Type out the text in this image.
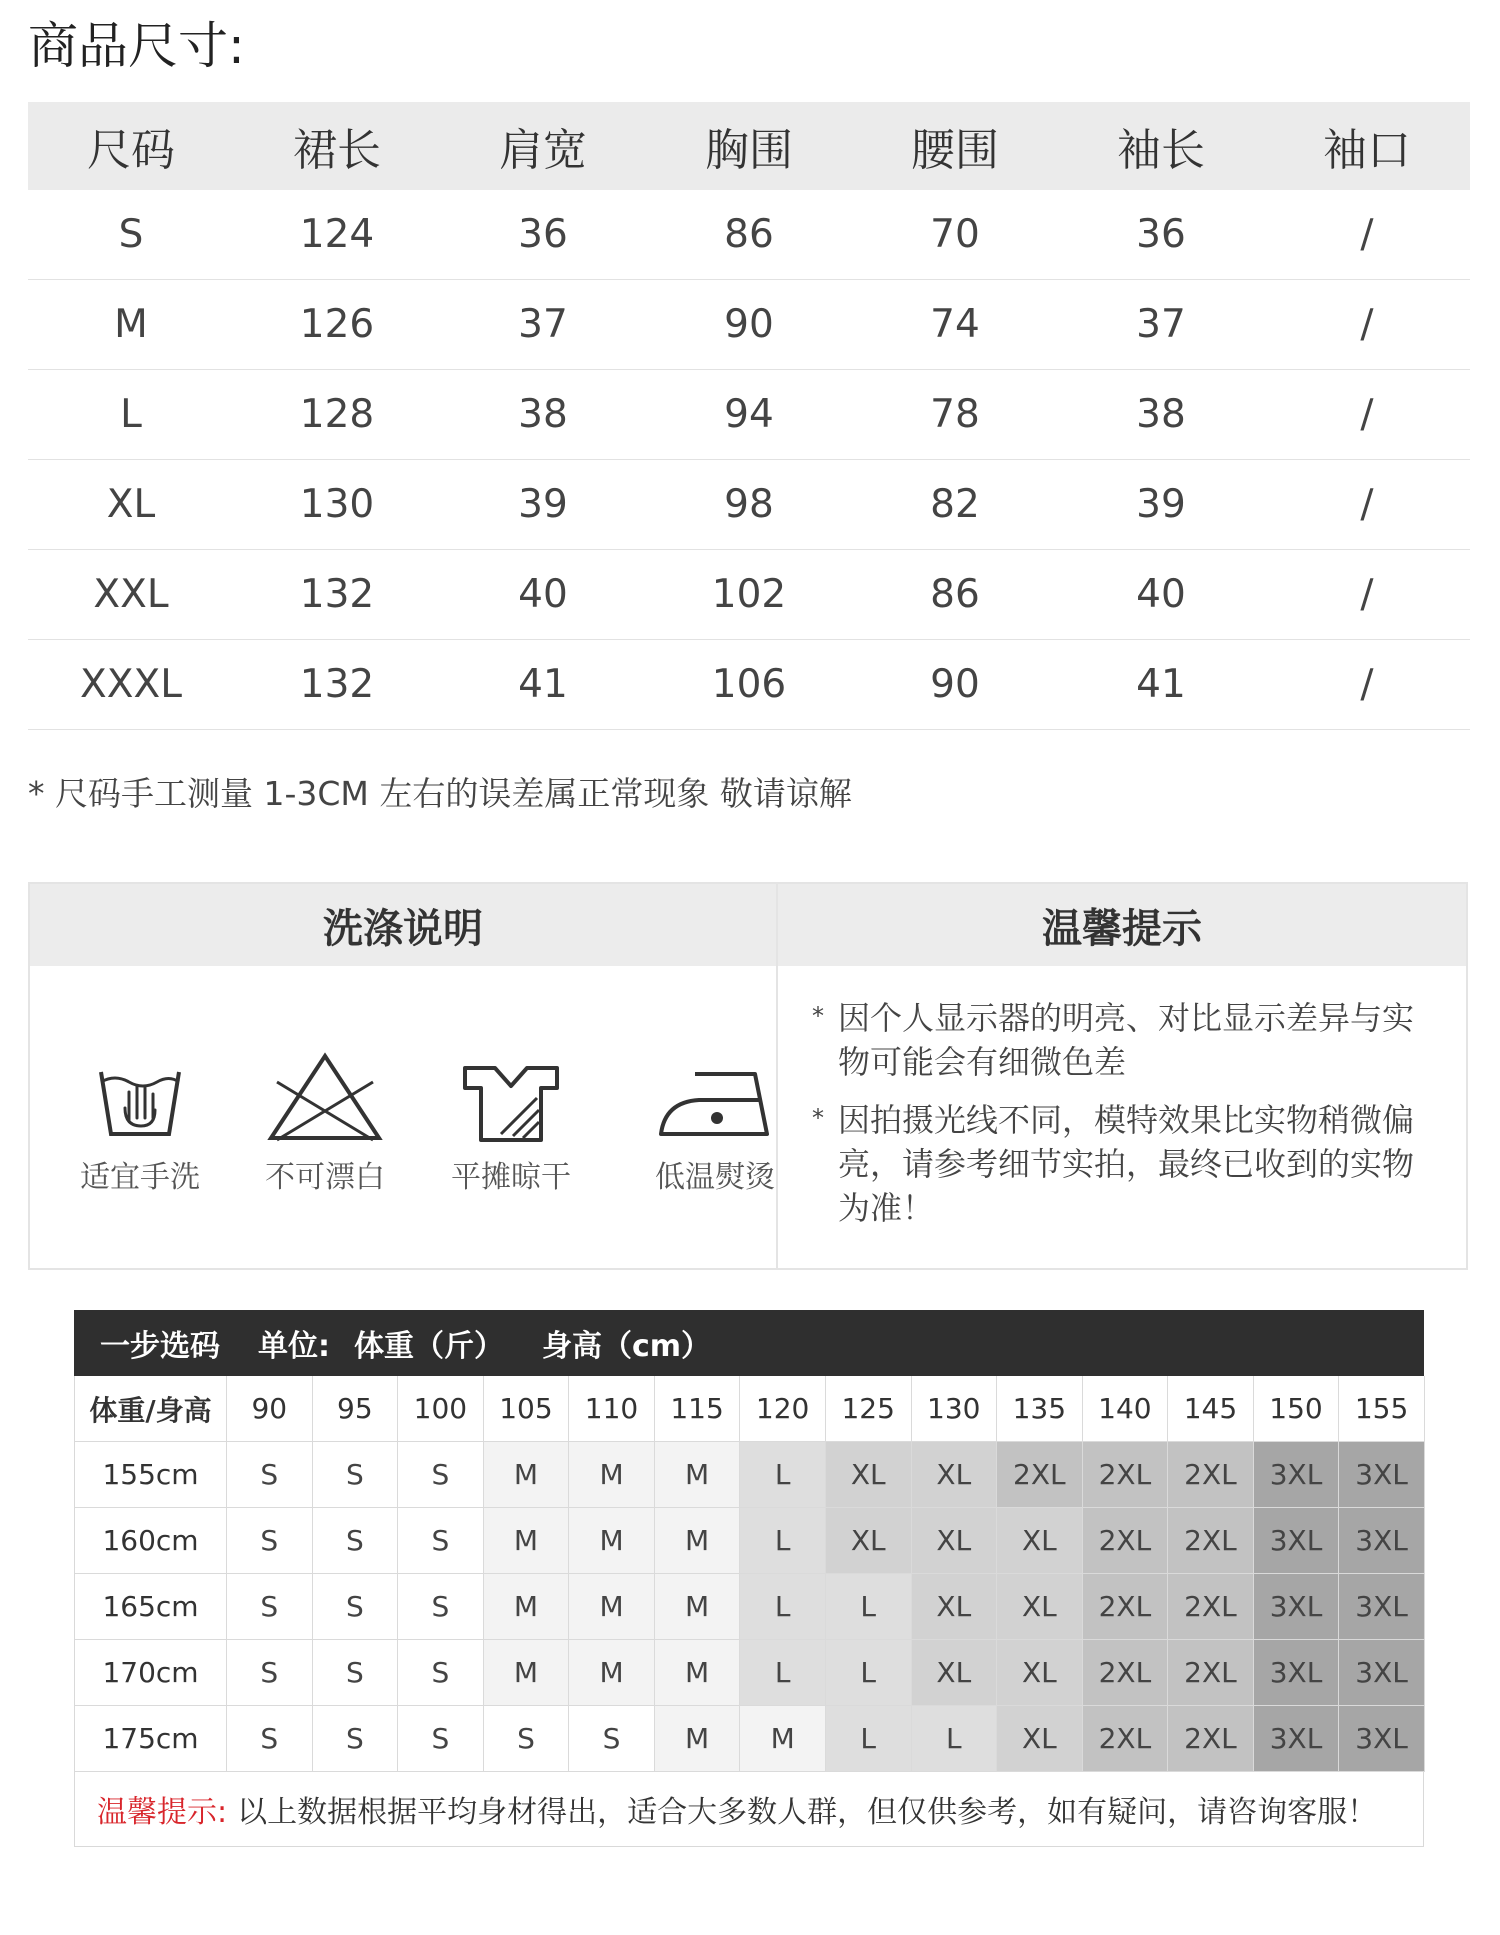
商品尺寸:
尺码	裙长	肩宽	胸围	腰围	袖长	袖口
S	124	36	86	70	36	/
M	126	37	90	74	37	/
L	128	38	94	78	38	/
XL	130	39	98	82	39	/
XXL	132	40	102	86	40	/
XXXL	132	41	106	90	41	/
* 尺码手工测量 1-3CM 左右的误差属正常现象 敬请谅解
洗涤说明	温馨提示
适宜手洗	不可漂白	平摊晾干	低温熨烫
* 因个人显示器的明亮、对比显示差异与实物可能会有细微色差
* 因拍摄光线不同，模特效果比实物稍微偏亮，请参考细节实拍，最终已收到的实物为准！
一步选码 单位: 体重（斤） 身高（cm）
体重/身高	90	95	100	105	110	115	120	125	130	135	140	145	150	155
155cm	S	S	S	M	M	M	L	XL	XL	2XL	2XL	2XL	3XL	3XL
160cm	S	S	S	M	M	M	L	XL	XL	XL	2XL	2XL	3XL	3XL
165cm	S	S	S	M	M	M	L	L	XL	XL	2XL	2XL	3XL	3XL
170cm	S	S	S	M	M	M	L	L	XL	XL	2XL	2XL	3XL	3XL
175cm	S	S	S	S	S	M	M	L	L	XL	2XL	2XL	3XL	3XL
温馨提示: 以上数据根据平均身材得出，适合大多数人群，但仅供参考，如有疑问，请咨询客服！
